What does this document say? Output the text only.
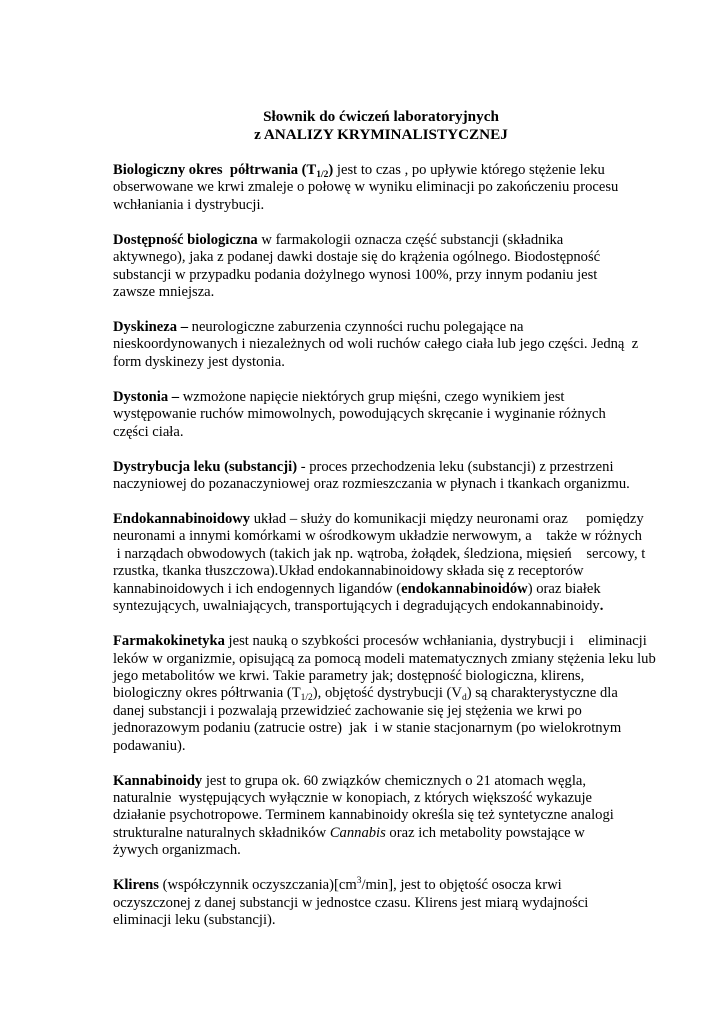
Słownik do ćwiczeń laboratoryjnych
z ANALIZY KRYMINALISTYCZNEJ

Biologiczny okres  półtrwania $(T_{1/2})$ jest to czas , po upływie którego stężenie leku

obserwowane we krwi zmaleje o połowę w wyniku eliminacji po zakończeniu procesu

wchłaniania i dystrybucji.

Dostępność biologiczna w farmakologii oznacza część substancji (składnika

aktywnego), jaka z podanej dawki dostaje się do krążenia ogólnego. Biodostępność

substancji w przypadku podania dożylnego wynosi 100%, przy innym podaniu jest

zawsze mniejsza.

Dyskineza – neurologiczne zaburzenia czynności ruchu polegające na

nieskoordynowanych i niezależnych od woli ruchów całego ciała lub jego części. Jedną  z

form dyskinezy jest dystonia.

Dystonia – wzmożone napięcie niektórych grup mięśni, czego wynikiem jest

występowanie ruchów mimowolnych, powodujących skręcanie i wyginanie różnych

części ciała.

Dystrybucja leku (substancji) - proces przechodzenia leku (substancji) z przestrzeni

naczyniowej do pozanaczyniowej oraz rozmieszczania w płynach i tkankach organizmu.

Endokannabinoidowy układ – służy do komunikacji między neuronami oraz     pomiędzy

neuronami a innymi komórkami w ośrodkowym układzie nerwowym, a    także w różnych

i narządach obwodowych (takich jak np. wątroba, żołądek, śledziona, mięsień    sercowy, t

rzustka, tkanka tłuszczowa).Układ endokannabinoidowy składa się z receptorów

kannabinoidowych i ich endogennych ligandów (endokannabinoidów) oraz białek

syntezujących, uwalniających, transportujących i degradujących endokannabinoidy.

Farmakokinetyka jest nauką o szybkości procesów wchłaniania, dystrybucji i    eliminacji

leków w organizmie, opisującą za pomocą modeli matematycznych zmiany stężenia leku lub

jego metabolitów we krwi. Takie parametry jak; dostępność biologiczna, klirens,

biologiczny okres półtrwania $(T_{1/2})$, objętość dystrybucji $(V_d)$ są charakterystyczne dla

danej substancji i pozwalają przewidzieć zachowanie się jej stężenia we krwi po

jednorazowym podaniu (zatrucie ostre)  jak  i w stanie stacjonarnym (po wielokrotnym

podawaniu).

Kannabinoidy jest to grupa ok. 60 związków chemicznych o 21 atomach węgla,

naturalnie  występujących wyłącznie w konopiach, z których większość wykazuje

działanie psychotropowe. Terminem kannabinoidy określa się też syntetyczne analogi

strukturalne naturalnych składników Cannabis oraz ich metabolity powstające w

żywych organizmach.

Klirens (współczynnik $oczyszczania)[cm^3/\min]$, jest to objętość osocza krwi

oczyszczonej z danej substancji w jednostce czasu. Klirens jest miarą wydajności

eliminacji leku (substancji).
